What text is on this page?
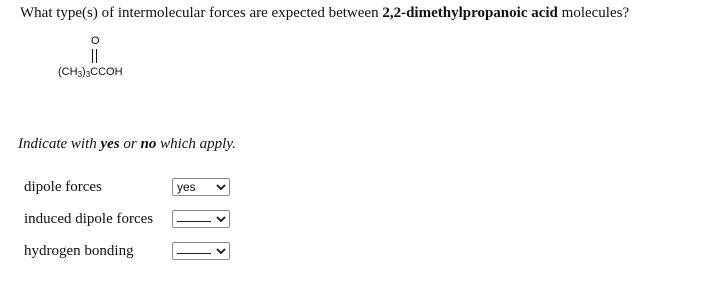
What type(s) of intermolecular forces are expected between 2,2-dimethylpropanoic acid molecules?
O
$(CH_3)_3CCOH$
Indicate with yes or no which apply.
dipole forces	yes
induced dipole forces
hydrogen bonding
